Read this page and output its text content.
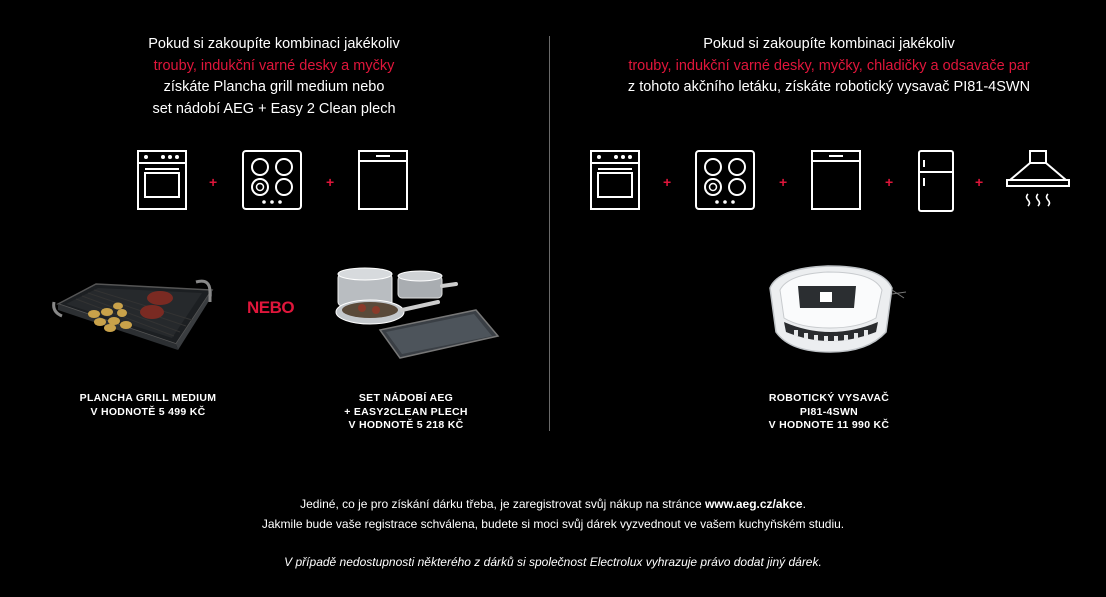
Pokud si zakoupíte kombinaci jakékoliv
trouby, indukční varné desky a myčky
získáte Plancha grill medium nebo
set nádobí AEG + Easy 2 Clean plech
+	+
NEBO
PLANCHA GRILL MEDIUM
V HODNOTĚ 5 499 KČ
SET NÁDOBÍ AEG
+ EASY2CLEAN PLECH
V HODNOTĚ 5 218 KČ
Pokud si zakoupíte kombinaci jakékoliv
trouby, indukční varné desky, myčky, chladičky a odsavače par
z tohoto akčního letáku, získáte robotický vysavač PI81-4SWN
+	+	+	+
ROBOTICKÝ VYSAVAČ
PI81-4SWN
V HODNOTE 11 990 KČ
Jediné, co je pro získání dárku třeba, je zaregistrovat svůj nákup na stránce www.aeg.cz/akce.
Jakmile bude vaše registrace schválena, budete si moci svůj dárek vyzvednout ve vašem kuchyňském studiu.
V případě nedostupnosti některého z dárků si společnost Electrolux vyhrazuje právo dodat jiný dárek.
